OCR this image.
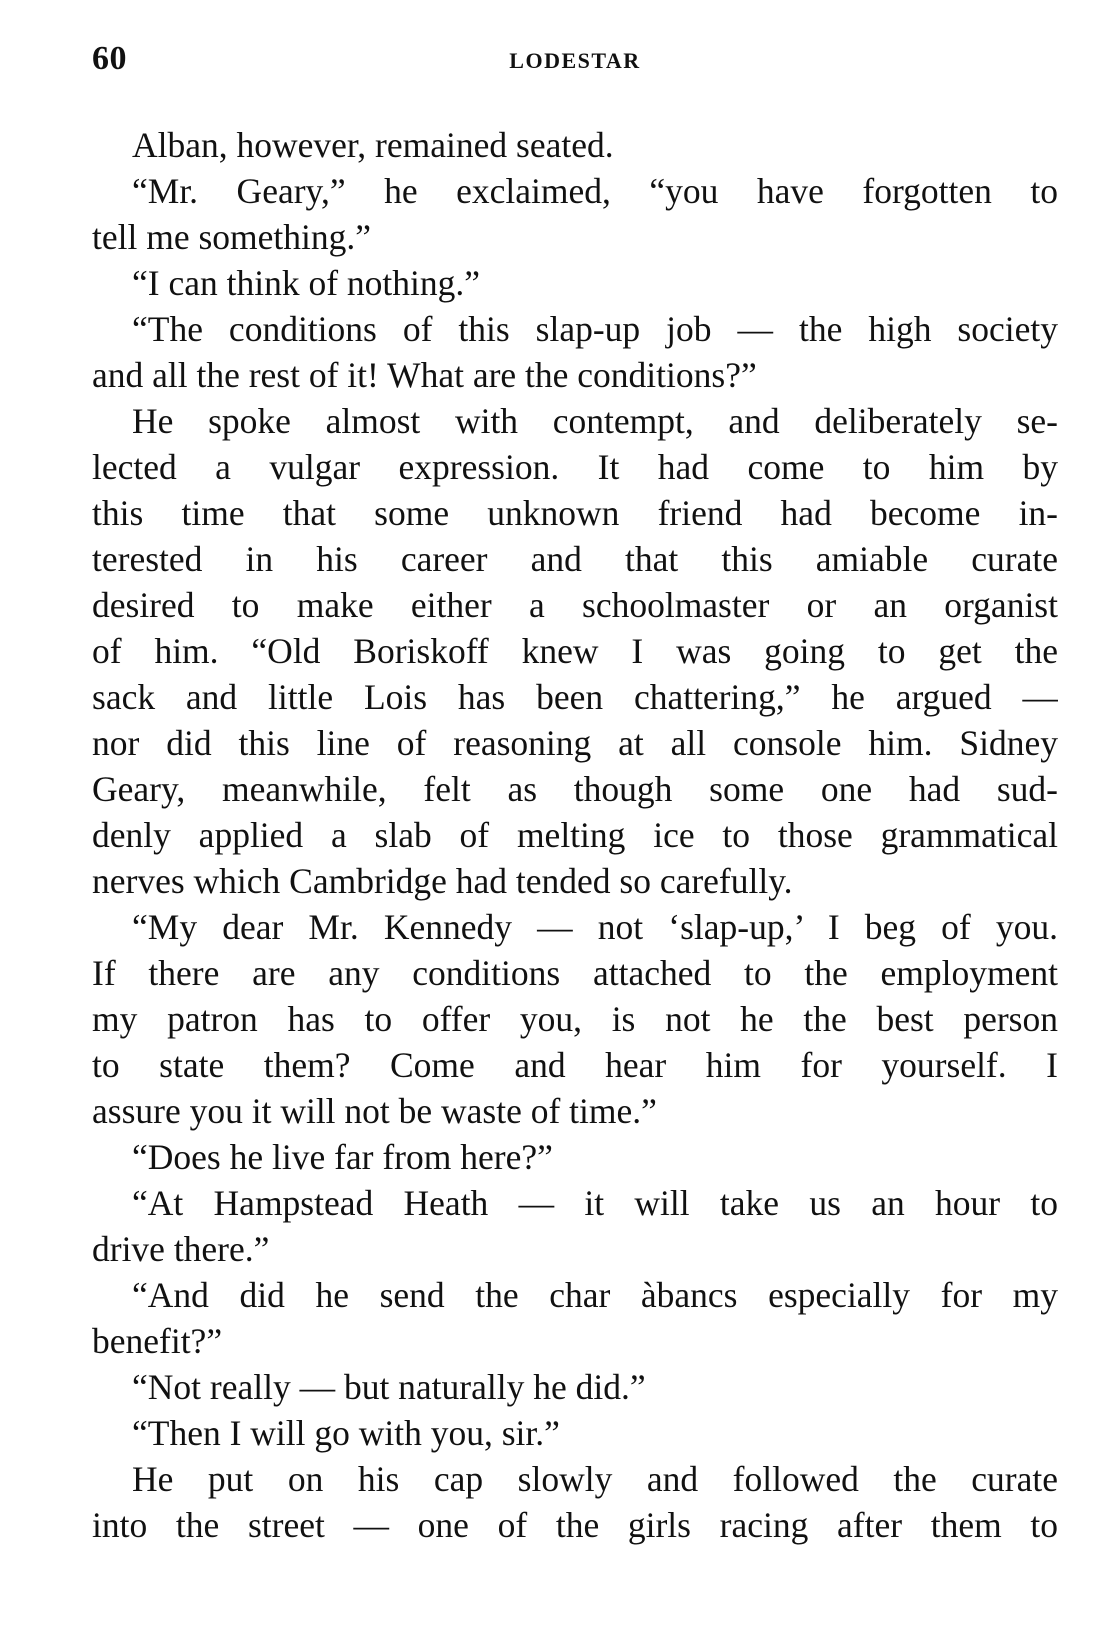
60	LODESTAR
Alban, however, remained seated.
“Mr. Geary,” he exclaimed, “you have forgotten to
tell me something.”
“I can think of nothing.”
“The conditions of this slap-up job — the high society
and all the rest of it! What are the conditions?”
He spoke almost with contempt, and deliberately se-
lected a vulgar expression. It had come to him by
this time that some unknown friend had become in-
terested in his career and that this amiable curate
desired to make either a schoolmaster or an organist
of him. “Old Boriskoff knew I was going to get the
sack and little Lois has been chattering,” he argued —
nor did this line of reasoning at all console him. Sidney
Geary, meanwhile, felt as though some one had sud-
denly applied a slab of melting ice to those grammatical
nerves which Cambridge had tended so carefully.
“My dear Mr. Kennedy — not ‘slap-up,’ I beg of you.
If there are any conditions attached to the employment
my patron has to offer you, is not he the best person
to state them? Come and hear him for yourself. I
assure you it will not be waste of time.”
“Does he live far from here?”
“At Hampstead Heath — it will take us an hour to
drive there.”
“And did he send the char àbancs especially for my
benefit?”
“Not really — but naturally he did.”
“Then I will go with you, sir.”
He put on his cap slowly and followed the curate
into the street — one of the girls racing after them to
